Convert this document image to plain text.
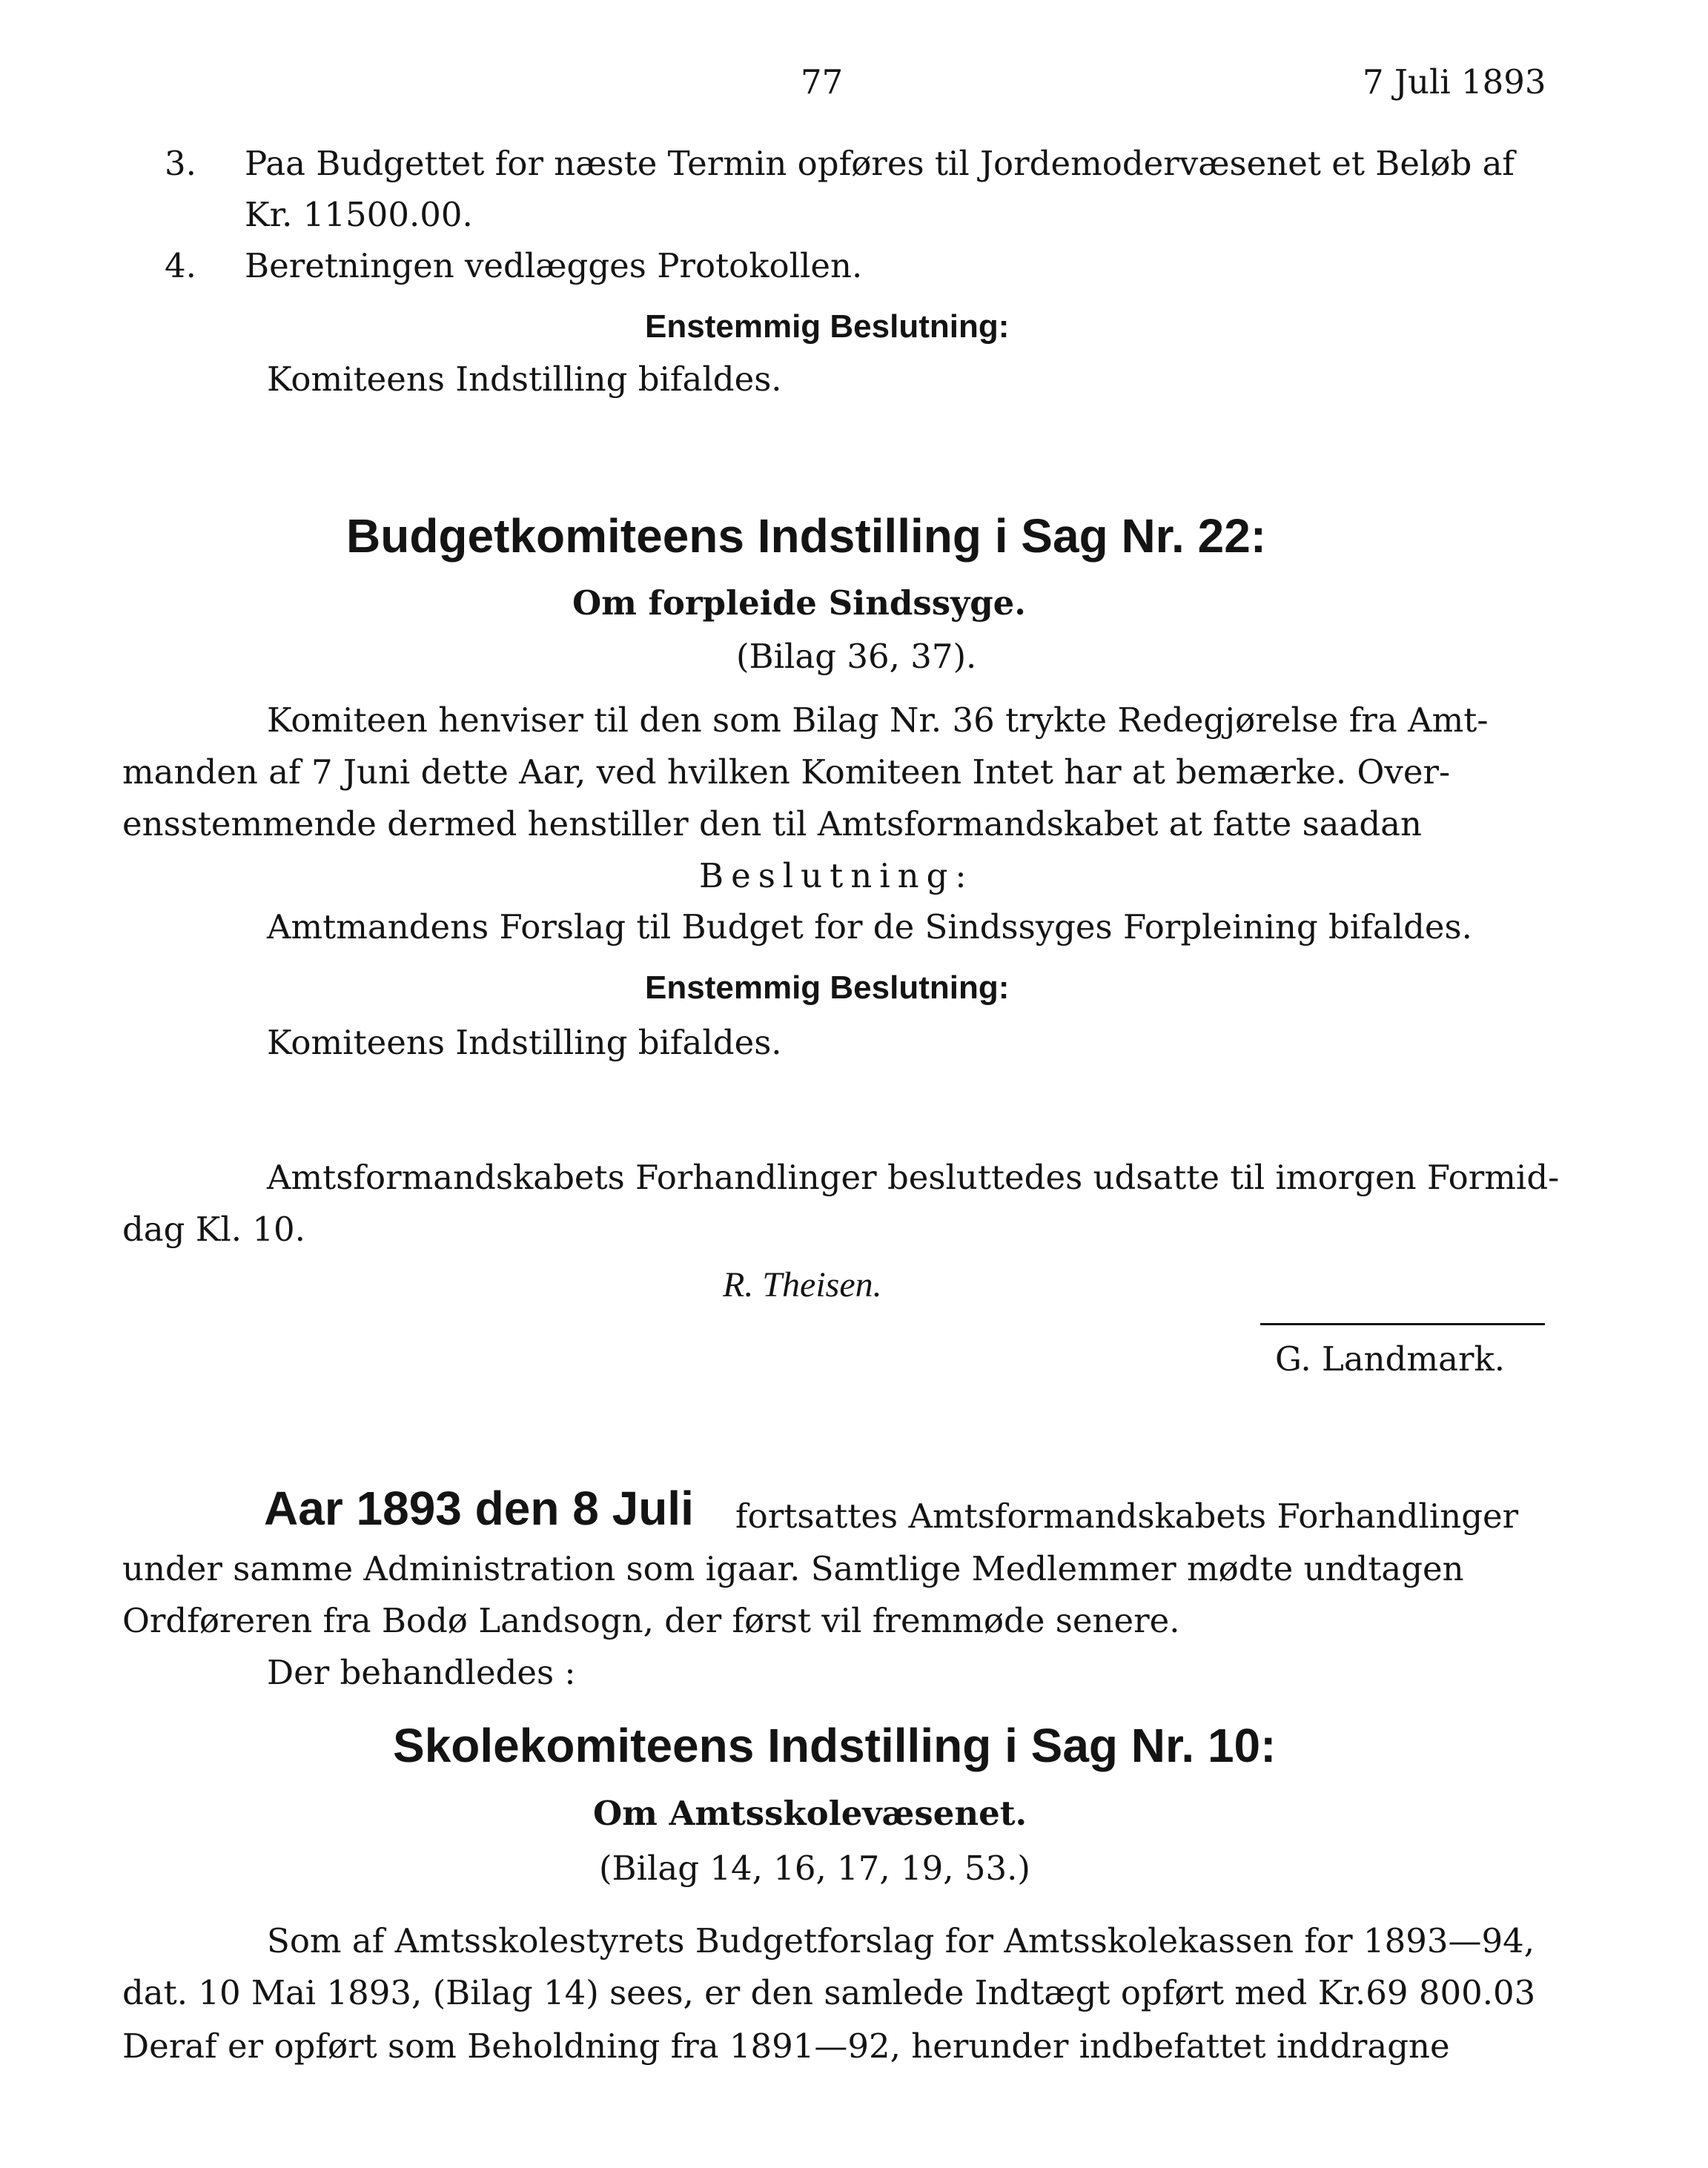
77	7 Juli 1893
3. Paa Budgettet for næste Termin opføres til Jordemodervæsenet et Beløb af
Kr. 11500.00.
4. Beretningen vedlægges Protokollen.
Enstemmig Beslutning:
Komiteens Indstilling bifaldes.
Budgetkomiteens Indstilling i Sag Nr. 22:
Om forpleide Sindssyge.
(Bilag 36, 37).
Komiteen henviser til den som Bilag Nr. 36 trykte Redegjørelse fra Amt-
manden af 7 Juni dette Aar, ved hvilken Komiteen Intet har at bemærke. Over-
ensstemmende dermed henstiller den til Amtsformandskabet at fatte saadan
Beslutning:
Amtmandens Forslag til Budget for de Sindssyges Forpleining bifaldes.
Enstemmig Beslutning:
Komiteens Indstilling bifaldes.
Amtsformandskabets Forhandlinger besluttedes udsatte til imorgen Formid-
dag Kl. 10.
R. Theisen.
G. Landmark.
Aar 1893 den 8 Juli fortsattes Amtsformandskabets Forhandlinger
under samme Administration som igaar. Samtlige Medlemmer mødte undtagen
Ordføreren fra Bodø Landsogn, der først vil fremmøde senere.
Der behandledes :
Skolekomiteens Indstilling i Sag Nr. 10:
Om Amtsskolevæsenet.
(Bilag 14, 16, 17, 19, 53.)
Som af Amtsskolestyrets Budgetforslag for Amtsskolekassen for 1893—94,
dat. 10 Mai 1893, (Bilag 14) sees, er den samlede Indtægt opført med Kr.69 800.03
Deraf er opført som Beholdning fra 1891—92, herunder indbefattet inddragne
